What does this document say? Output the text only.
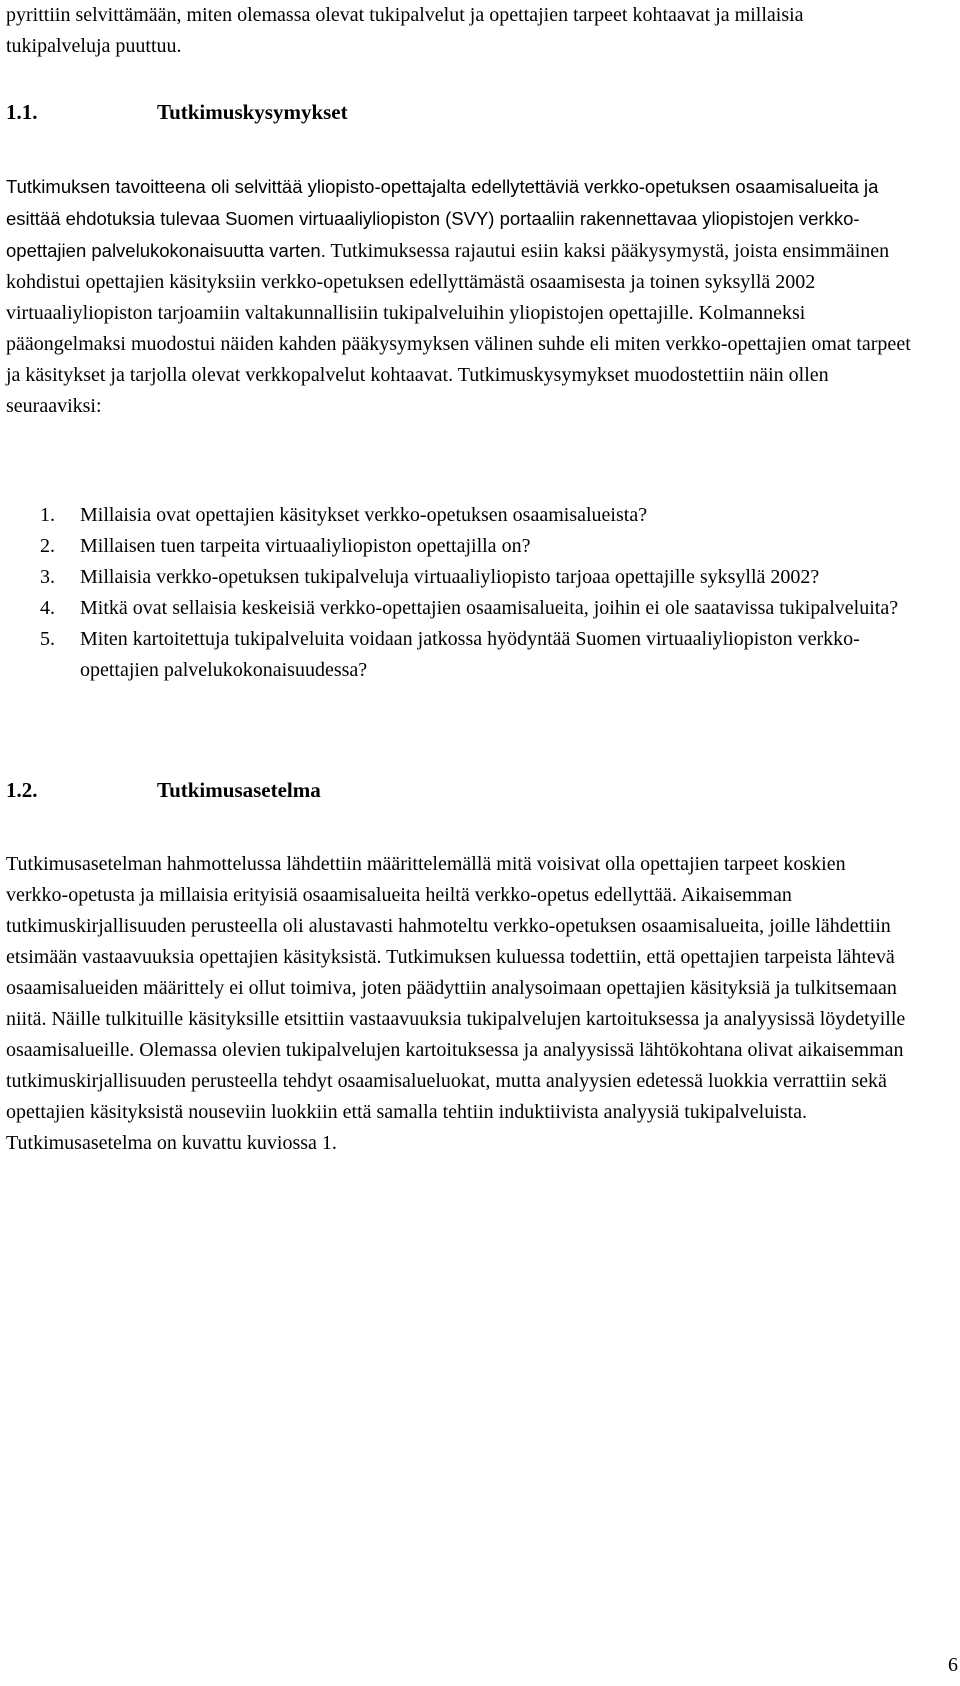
pyrittiin selvittämään, miten olemassa olevat tukipalvelut ja opettajien tarpeet kohtaavat ja millaisia tukipalveluja puuttuu.

1.1.	Tutkimuskysymykset

Tutkimuksen tavoitteena oli selvittää yliopisto-opettajalta edellytettäviä verkko-opetuksen osaamisalueita ja esittää ehdotuksia tulevaa Suomen virtuaaliyliopiston (SVY) portaaliin rakennettavaa yliopistojen verkko-opettajien palvelukokonaisuutta varten. Tutkimuksessa rajautui esiin kaksi pääkysymystä, joista ensimmäinen kohdistui opettajien käsityksiin verkko-opetuksen edellyttämästä osaamisesta ja toinen syksyllä 2002 virtuaaliyliopiston tarjoamiin valtakunnallisiin tukipalveluihin yliopistojen opettajille. Kolmanneksi pääongelmaksi muodostui näiden kahden pääkysymyksen välinen suhde eli miten verkko-opettajien omat tarpeet ja käsitykset ja tarjolla olevat verkkopalvelut kohtaavat. Tutkimuskysymykset muodostettiin näin ollen seuraaviksi:

1. Millaisia ovat opettajien käsitykset verkko-opetuksen osaamisalueista?
2. Millaisen tuen tarpeita virtuaaliyliopiston opettajilla on?
3. Millaisia verkko-opetuksen tukipalveluja virtuaaliyliopisto tarjoaa opettajille syksyllä 2002?
4. Mitkä ovat sellaisia keskeisiä verkko-opettajien osaamisalueita, joihin ei ole saatavissa tukipalveluita?
5. Miten kartoitettuja tukipalveluita voidaan jatkossa hyödyntää Suomen virtuaaliyliopiston verkko-opettajien palvelukokonaisuudessa?
1.2.	Tutkimusasetelma

Tutkimusasetelman hahmottelussa lähdettiin määrittelemällä mitä voisivat olla opettajien tarpeet koskien verkko-opetusta ja millaisia erityisiä osaamisalueita heiltä verkko-opetus edellyttää. Aikaisemman tutkimuskirjallisuuden perusteella oli alustavasti hahmoteltu verkko-opetuksen osaamisalueita, joille lähdettiin etsimään vastaavuuksia opettajien käsityksistä. Tutkimuksen kuluessa todettiin, että opettajien tarpeista lähtevä osaamisalueiden määrittely ei ollut toimiva, joten päädyttiin analysoimaan opettajien käsityksiä ja tulkitsemaan niitä. Näille tulkituille käsityksille etsittiin vastaavuuksia tukipalvelujen kartoituksessa ja analyysissä löydetyille osaamisalueille. Olemassa olevien tukipalvelujen kartoituksessa ja analyysissä lähtökohtana olivat aikaisemman tutkimuskirjallisuuden perusteella tehdyt osaamisalueluokat, mutta analyysien edetessä luokkia verrattiin sekä opettajien käsityksistä nouseviin luokkiin että samalla tehtiin induktiivista analyysiä tukipalveluista. Tutkimusasetelma on kuvattu kuviossa 1.

6
